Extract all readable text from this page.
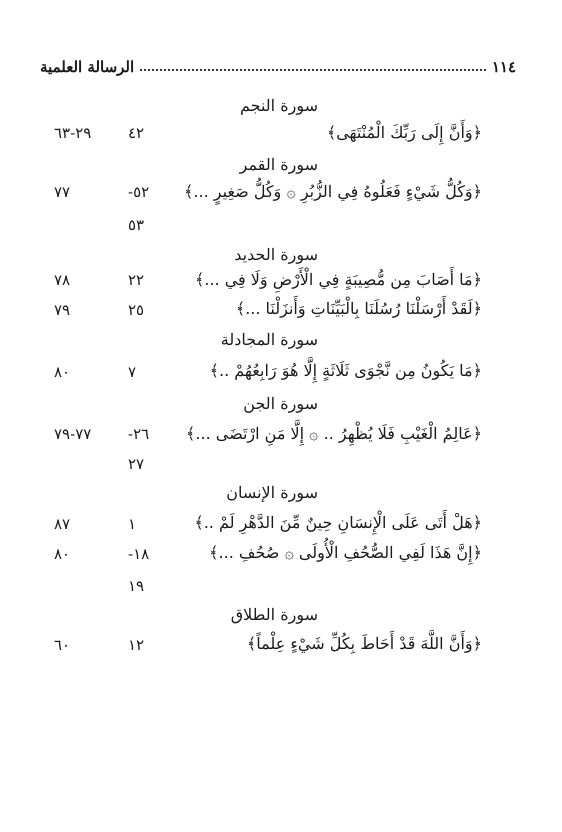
١١٤
الرسالة العلمية
سورة النجم
﴿وَأَنَّ إِلَى رَبِّكَ الْمُنْتَهَى﴾
٤٢
٢٩-٦٣
سورة القمر
﴿وَكُلُّ شَيْءٍ فَعَلُوهُ فِي الزُّبُرِ ۞ وَكُلُّ صَغِيرٍ ...﴾
٥٢-
٧٧
٥٣
سورة الحديد
﴿مَا أَصَابَ مِن مُّصِيبَةٍ فِي الْأَرْضِ وَلَا فِي ...﴾
٢٢
٧٨
﴿لَقَدْ أَرْسَلْنَا رُسُلَنَا بِالْبَيِّنَاتِ وَأَنزَلْنَا ...﴾
٢٥
٧٩
سورة المجادلة
﴿مَا يَكُونُ مِن نَّجْوَى ثَلَاثَةٍ إِلَّا هُوَ رَابِعُهُمْ ..﴾
٧
٨٠
سورة الجن
﴿عَالِمُ الْغَيْبِ فَلَا يُظْهِرُ .. ۞ إِلَّا مَنِ ارْتَضَى ...﴾
٢٦-
٧٧-٧٩
٢٧
سورة الإنسان
﴿هَلْ أَتَى عَلَى الْإِنسَانِ حِينٌ مِّنَ الدَّهْرِ لَمْ ..﴾
١
٨٧
﴿إِنَّ هَذَا لَفِي الصُّحُفِ الْأُولَى ۞ صُحُفِ ...﴾
١٨-
٨٠
١٩
سورة الطلاق
﴿وَأَنَّ اللَّهَ قَدْ أَحَاطَ بِكُلِّ شَيْءٍ عِلْماً﴾
١٢
٦٠
